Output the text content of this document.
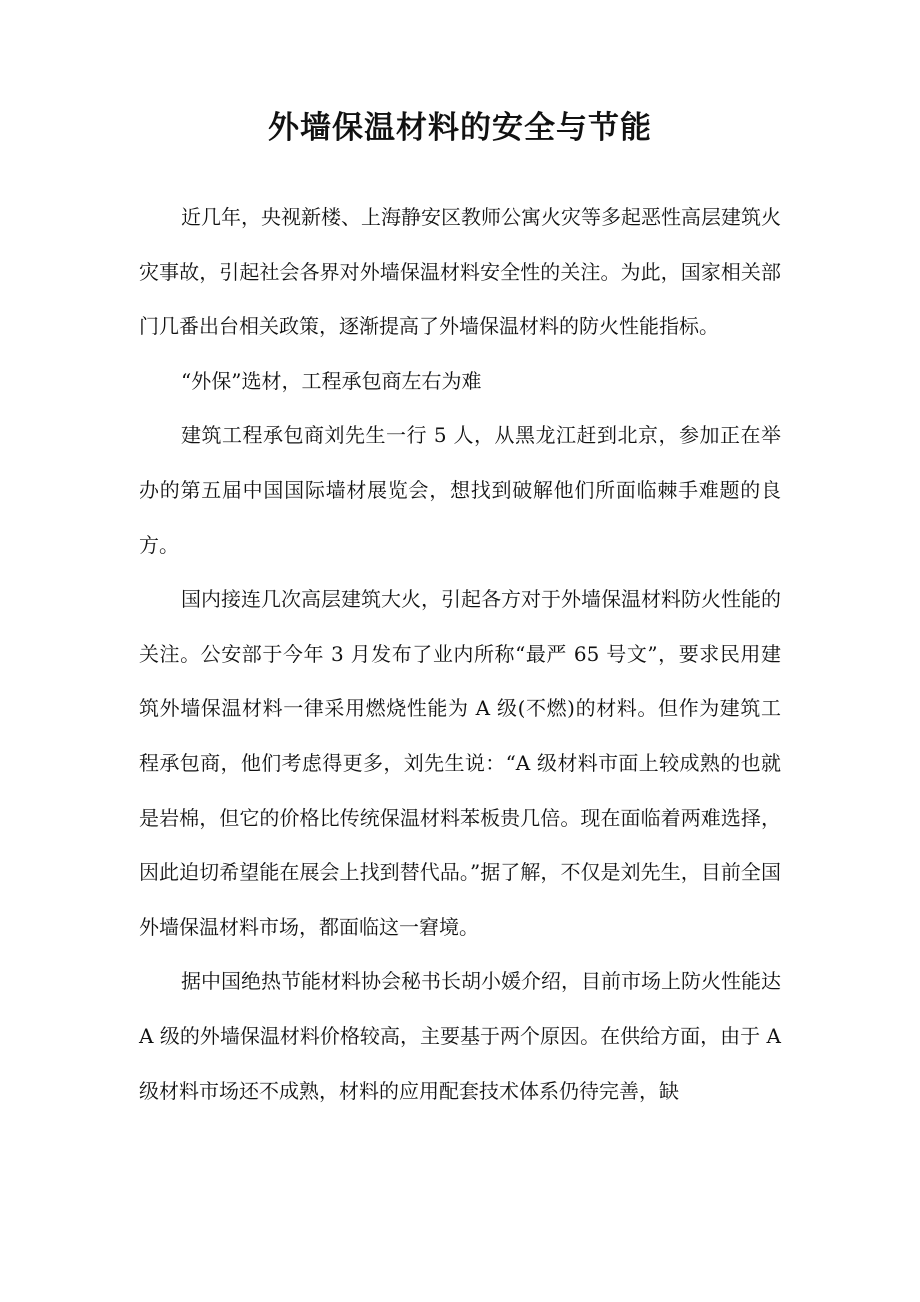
外墙保温材料的安全与节能

近几年，央视新楼、上海静安区教师公寓火灾等多起恶性高层建筑火灾事故，引起社会各界对外墙保温材料安全性的关注。为此，国家相关部门几番出台相关政策，逐渐提高了外墙保温材料的防火性能指标。

“外保”选材，工程承包商左右为难

建筑工程承包商刘先生一行 5 人，从黑龙江赶到北京，参加正在举办的第五届中国国际墙材展览会，想找到破解他们所面临棘手难题的良方。

国内接连几次高层建筑大火，引起各方对于外墙保温材料防火性能的关注。公安部于今年 3 月发布了业内所称“最严 65 号文”，要求民用建筑外墙保温材料一律采用燃烧性能为 A 级(不燃)的材料。但作为建筑工程承包商，他们考虑得更多，刘先生说：“A 级材料市面上较成熟的也就是岩棉，但它的价格比传统保温材料苯板贵几倍。现在面临着两难选择，因此迫切希望能在展会上找到替代品。”据了解，不仅是刘先生，目前全国外墙保温材料市场，都面临这一窘境。

据中国绝热节能材料协会秘书长胡小媛介绍，目前市场上防火性能达 A 级的外墙保温材料价格较高，主要基于两个原因。在供给方面，由于 A 级材料市场还不成熟，材料的应用配套技术体系仍待完善，缺
